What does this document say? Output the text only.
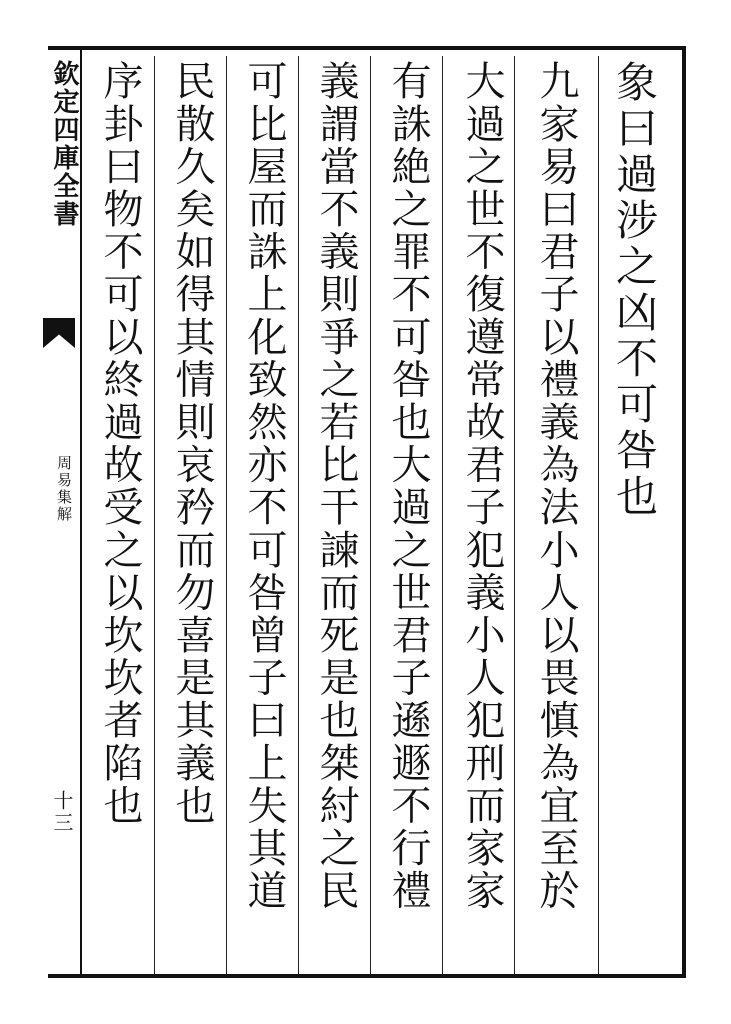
欽定四庫全書
周易集解
十三
象曰過涉之凶不可咎也
九家易曰君子以禮義為法小人以畏慎為宜至於
大過之世不復遵常故君子犯義小人犯刑而家家
有誅絶之罪不可咎也大過之世君子遜遯不行禮
義謂當不義則爭之若比干諫而死是也桀紂之民
可比屋而誅上化致然亦不可咎曾子曰上失其道
民散久矣如得其情則哀矜而勿喜是其義也
序卦曰物不可以終過故受之以坎坎者陷也
